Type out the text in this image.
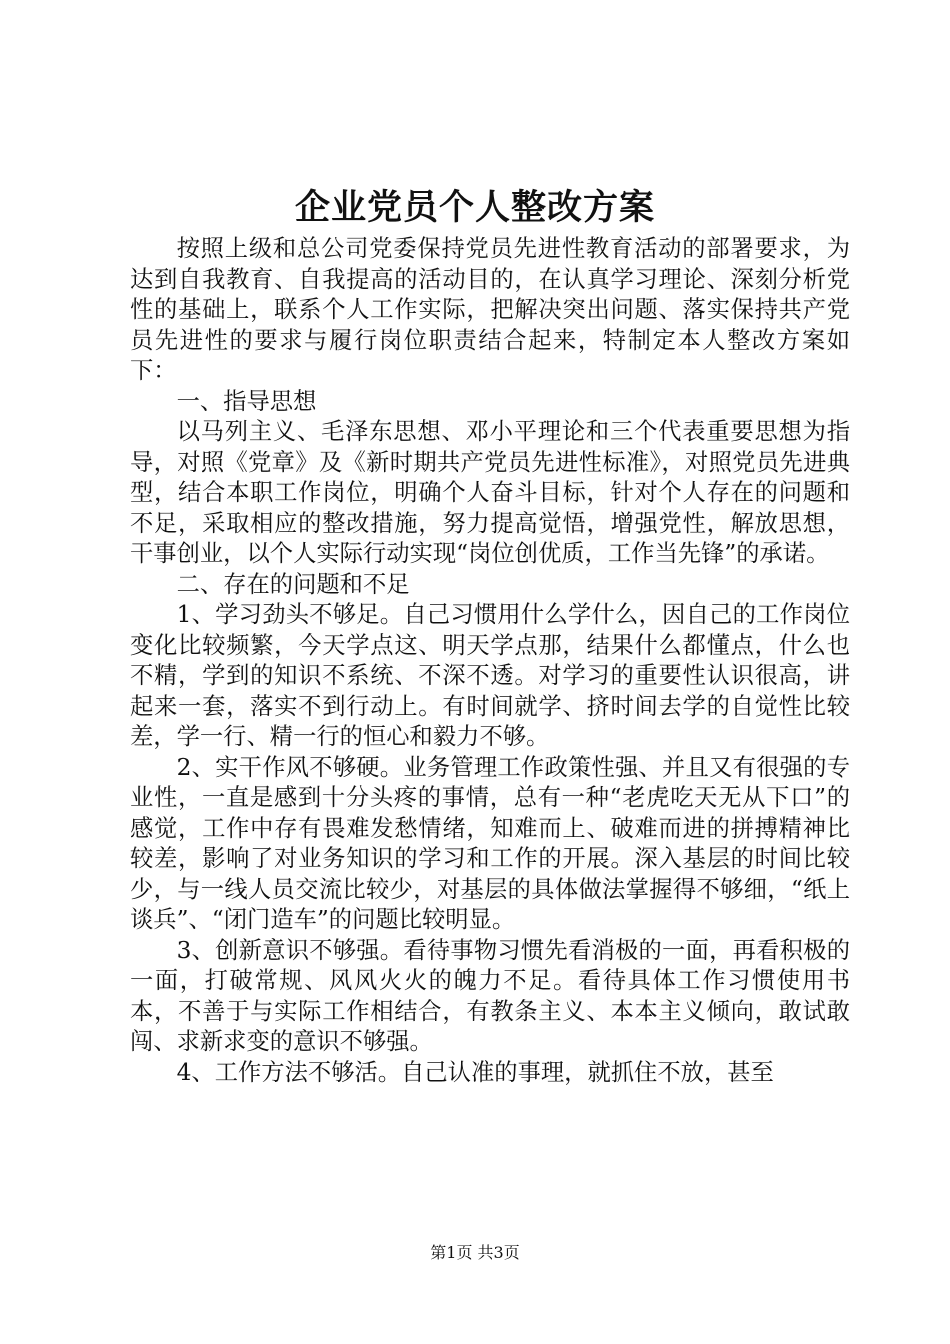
企业党员个人整改方案

按照上级和总公司党委保持党员先进性教育活动的部署要求，为达到自我教育、自我提高的活动目的，在认真学习理论、深刻分析党性的基础上，联系个人工作实际，把解决突出问题、落实保持共产党员先进性的要求与履行岗位职责结合起来，特制定本人整改方案如下：

一、指导思想

以马列主义、毛泽东思想、邓小平理论和三个代表重要思想为指导，对照《党章》及《新时期共产党员先进性标准》，对照党员先进典型，结合本职工作岗位，明确个人奋斗目标，针对个人存在的问题和不足，采取相应的整改措施，努力提高觉悟，增强党性，解放思想，干事创业，以个人实际行动实现“岗位创优质，工作当先锋”的承诺。

二、存在的问题和不足

1、学习劲头不够足。自己习惯用什么学什么，因自己的工作岗位变化比较频繁，今天学点这、明天学点那，结果什么都懂点，什么也不精，学到的知识不系统、不深不透。对学习的重要性认识很高，讲起来一套，落实不到行动上。有时间就学、挤时间去学的自觉性比较差，学一行、精一行的恒心和毅力不够。

2、实干作风不够硬。业务管理工作政策性强、并且又有很强的专业性，一直是感到十分头疼的事情，总有一种“老虎吃天无从下口”的感觉，工作中存有畏难发愁情绪，知难而上、破难而进的拼搏精神比较差，影响了对业务知识的学习和工作的开展。深入基层的时间比较少，与一线人员交流比较少，对基层的具体做法掌握得不够细，“纸上谈兵”、“闭门造车”的问题比较明显。

3、创新意识不够强。看待事物习惯先看消极的一面，再看积极的一面，打破常规、风风火火的魄力不足。看待具体工作习惯使用书本，不善于与实际工作相结合，有教条主义、本本主义倾向，敢试敢闯、求新求变的意识不够强。

4、工作方法不够活。自己认准的事理，就抓住不放，甚至

第1页 共3页
